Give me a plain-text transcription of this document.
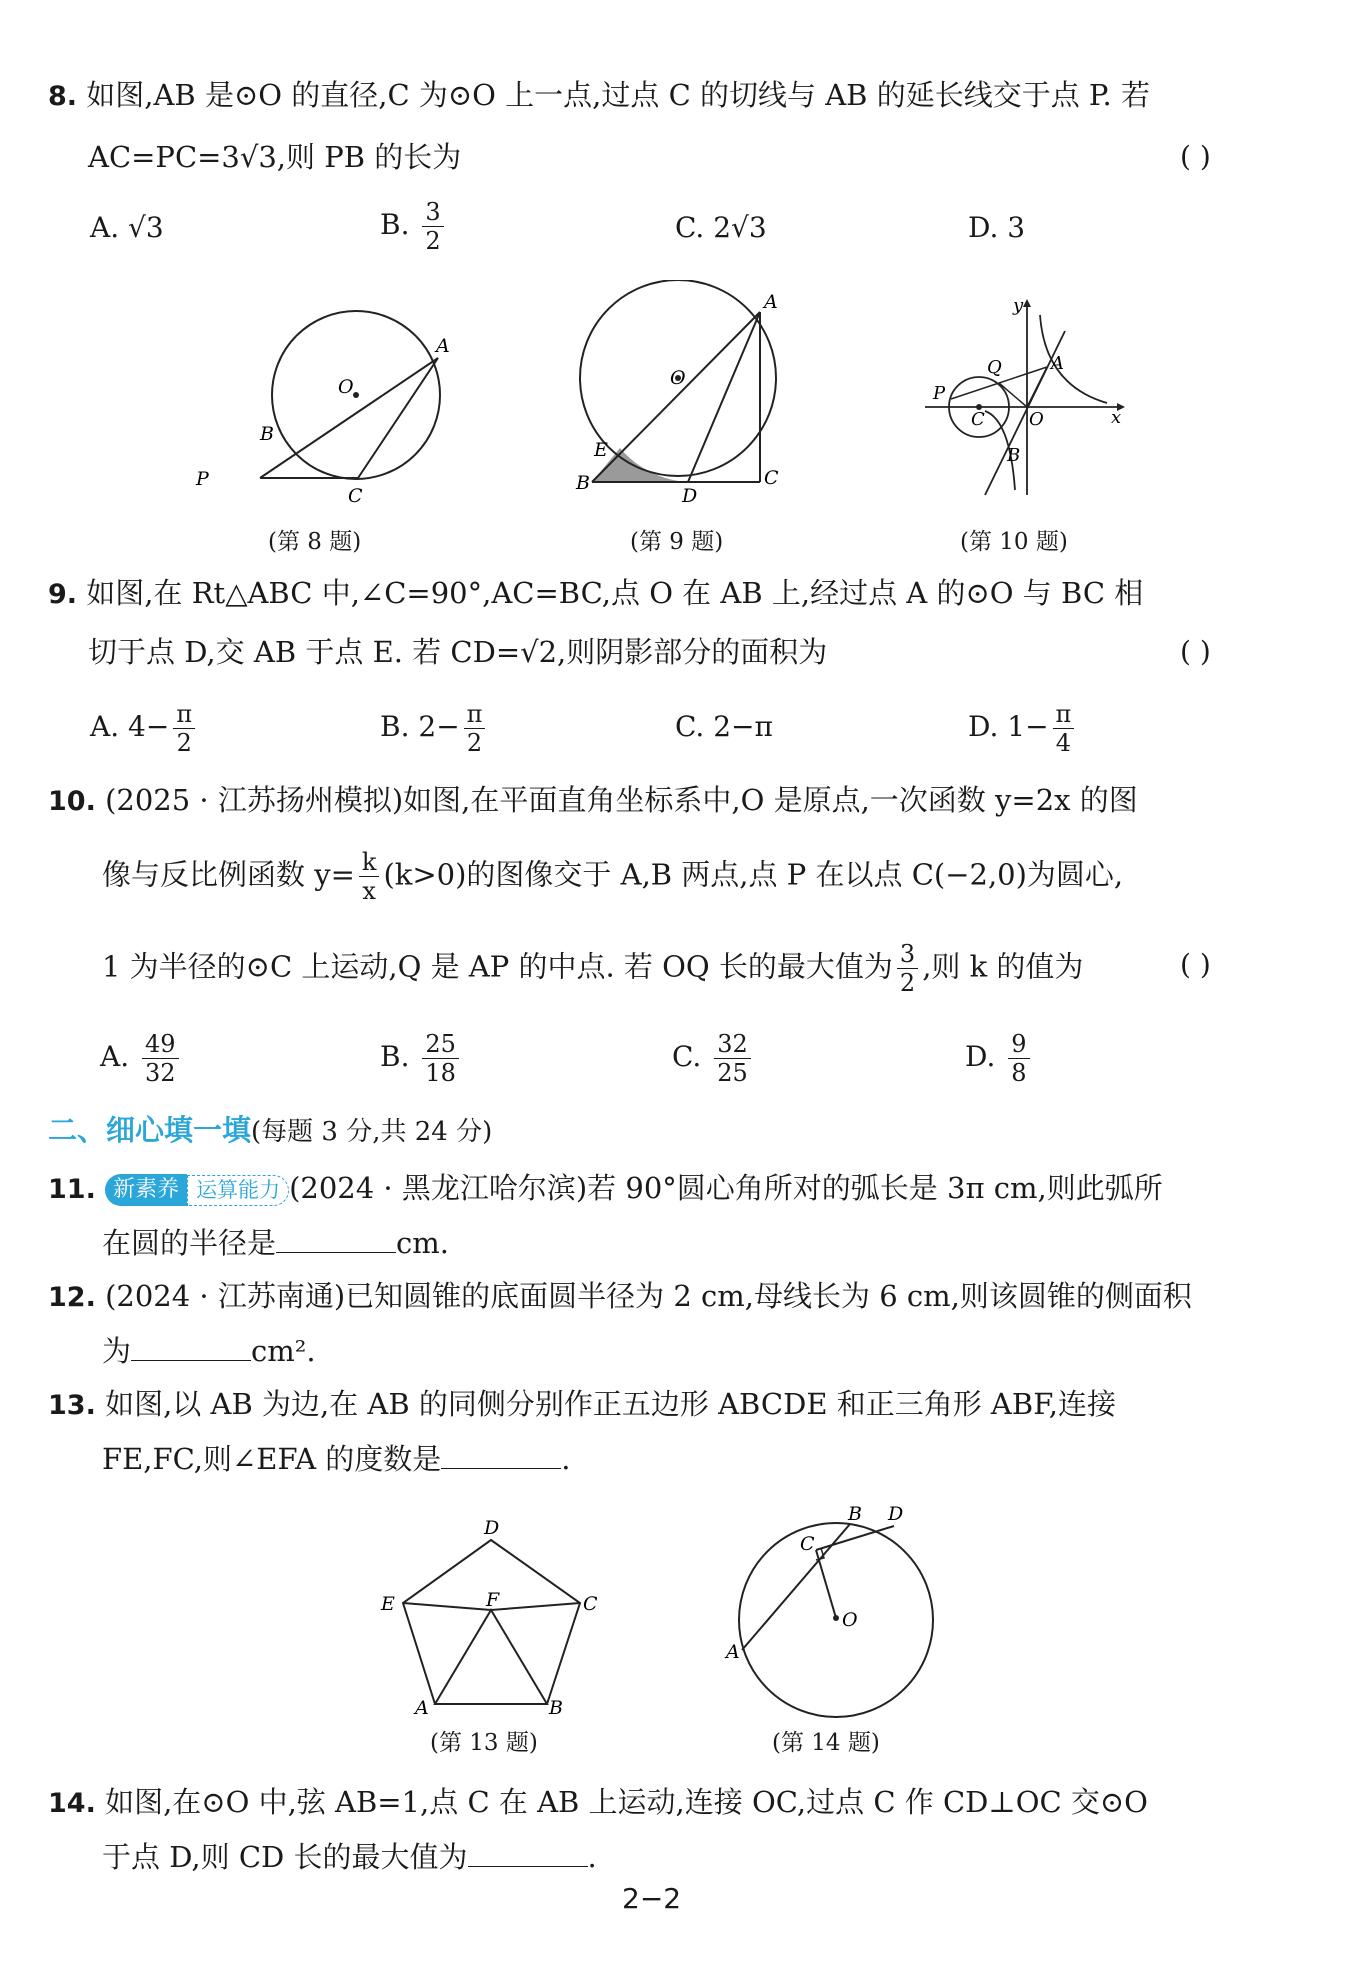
8. 如图,AB 是⊙O 的直径,C 为⊙O 上一点,过点 C 的切线与 AB 的延长线交于点 P. 若
AC=PC=3√3,则 PB 的长为	( )
A. √3	B. $\frac{3}{2}$	C. 2√3	D. 3
O
A
B
P
C
O
A
E
B
D
C
y
x
Q	A
P
C O
B
(第 8 题)	(第 9 题)	(第 10 题)
9. 如图,在 Rt△ABC 中,∠C=90°,AC=BC,点 O 在 AB 上,经过点 A 的⊙O 与 BC 相
切于点 D,交 AB 于点 E. 若 CD=√2,则阴影部分的面积为	( )
A. $4- \frac{\pi}{2}$	B. $2- \frac{\pi}{2}$	C. 2−π	D. $1- \frac{\pi}{4}$
10. (2025 · 江苏扬州模拟)如图,在平面直角坐标系中,O 是原点,一次函数 y=2x 的图
像与反比例函数 $y= \frac{k}{x} (k>0)$的图像交于 A,B 两点,点 P 在以点 C(−2,0)为圆心,
1 为半径的⊙C 上运动,Q 是 AP 的中点. 若 OQ 长的最大值为 $\frac{3}{2}$ ,则 k 的值为	( )
A. $\frac{49}{32}$	B. $\frac{25}{18}$	C. $\frac{32}{25}$	D. $\frac{9}{8}$
二、细心填一填(每题 3 分,共 24 分)
11. 新素养 运算能力 (2024 · 黑龙江哈尔滨)若 90°圆心角所对的弧长是 3π cm,则此弧所
在圆的半径是	cm.
12. (2024 · 江苏南通)已知圆锥的底面圆半径为 2 cm,母线长为 6 cm,则该圆锥的侧面积
为	cm².
13. 如图,以 AB 为边,在 AB 的同侧分别作正五边形 ABCDE 和正三角形 ABF,连接
FE,FC,则∠EFA 的度数是	.
D
E	F	C
A	B
B D
C
O
A
(第 13 题)	(第 14 题)
14. 如图,在⊙O 中,弦 AB=1,点 C 在 AB 上运动,连接 OC,过点 C 作 CD⊥OC 交⊙O
于点 D,则 CD 长的最大值为	.
2−2
